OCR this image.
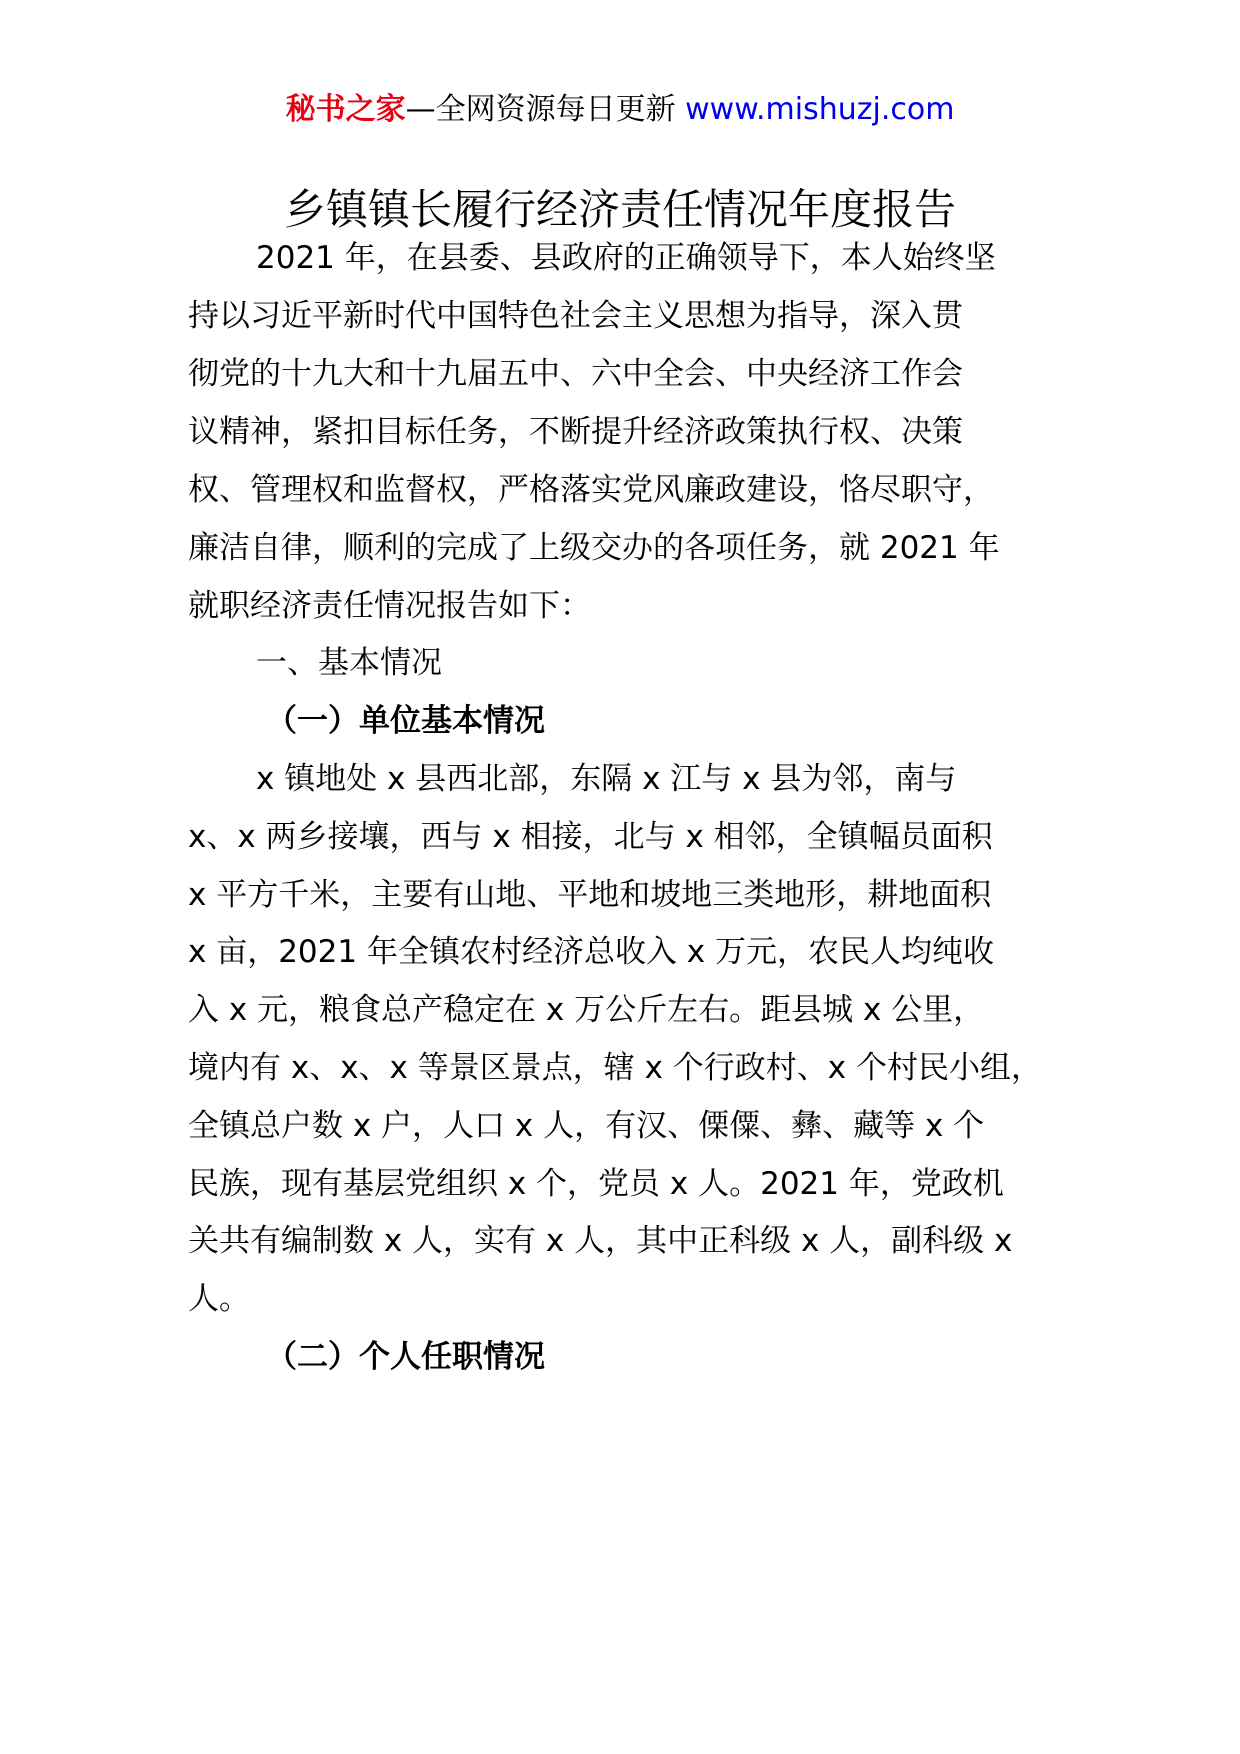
秘书之家—全网资源每日更新 www.mishuzj.com
乡镇镇长履行经济责任情况年度报告
2021 年，在县委、县政府的正确领导下，本人始终坚
持以习近平新时代中国特色社会主义思想为指导，深入贯
彻党的十九大和十九届五中、六中全会、中央经济工作会
议精神，紧扣目标任务，不断提升经济政策执行权、决策
权、管理权和监督权，严格落实党风廉政建设，恪尽职守，
廉洁自律，顺利的完成了上级交办的各项任务，就 2021 年
就职经济责任情况报告如下：
一、基本情况
（一）单位基本情况
x 镇地处 x 县西北部，东隔 x 江与 x 县为邻，南与
x、x 两乡接壤，西与 x 相接，北与 x 相邻，全镇幅员面积
x 平方千米，主要有山地、平地和坡地三类地形，耕地面积
x 亩，2021 年全镇农村经济总收入 x 万元，农民人均纯收
入 x 元，粮食总产稳定在 x 万公斤左右。距县城 x 公里，
境内有 x、x、x 等景区景点，辖 x 个行政村、x 个村民小组，
全镇总户数 x 户，人口 x 人，有汉、傈僳、彝、藏等 x 个
民族，现有基层党组织 x 个，党员 x 人。2021 年，党政机
关共有编制数 x 人，实有 x 人，其中正科级 x 人，副科级 x
人。
（二）个人任职情况
